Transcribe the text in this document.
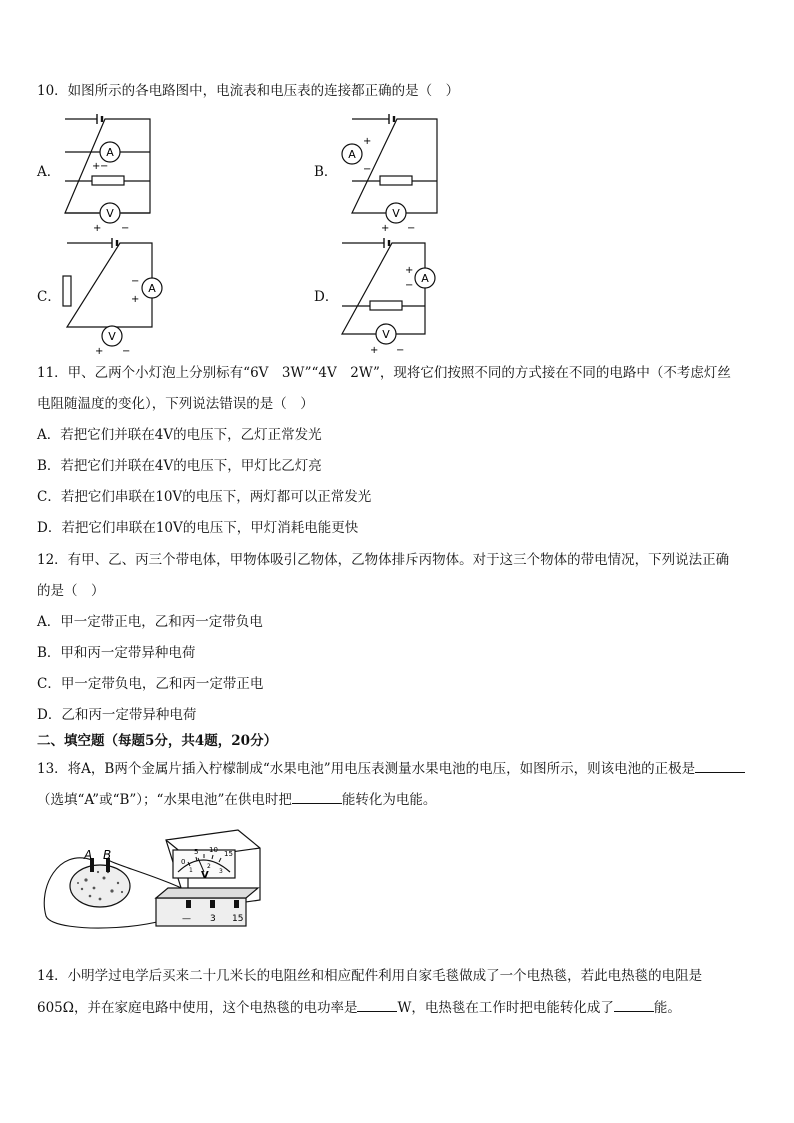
10．如图所示的各电路图中，电流表和电压表的连接都正确的是（　）
A．
A
V
+ −
+ −
B．
A
V
+
−
+ −
C．
A
V
−
+
+ −
D．
A
V
+
−
+ −
11．甲、乙两个小灯泡上分别标有“6V　3W”“4V　2W”，现将它们按照不同的方式接在不同的电路中（不考虑灯丝
电阻随温度的变化），下列说法错误的是（　）
A．若把它们并联在4V的电压下，乙灯正常发光
B．若把它们并联在4V的电压下，甲灯比乙灯亮
C．若把它们串联在10V的电压下，两灯都可以正常发光
D．若把它们串联在10V的电压下，甲灯消耗电能更快
12．有甲、乙、丙三个带电体，甲物体吸引乙物体，乙物体排斥丙物体。对于这三个物体的带电情况，下列说法正确
的是（　）
A．甲一定带正电，乙和丙一定带负电
B．甲和丙一定带异种电荷
C．甲一定带负电，乙和丙一定带正电
D．乙和丙一定带异种电荷
二、填空题（每题5分，共4题，20分）
13．将A，B两个金属片插入柠檬制成“水果电池”用电压表测量水果电池的电压，如图所示，则该电池的正极是
（选填“A”或“B”）；“水果电池”在供电时把	能转化为电能。
A B	0
5 10 15
1
2
3
V
— 3 15
14．小明学过电学后买来二十几米长的电阻丝和相应配件利用自家毛毯做成了一个电热毯，若此电热毯的电阻是
605Ω，并在家庭电路中使用，这个电热毯的电功率是	W，电热毯在工作时把电能转化成了	能。
